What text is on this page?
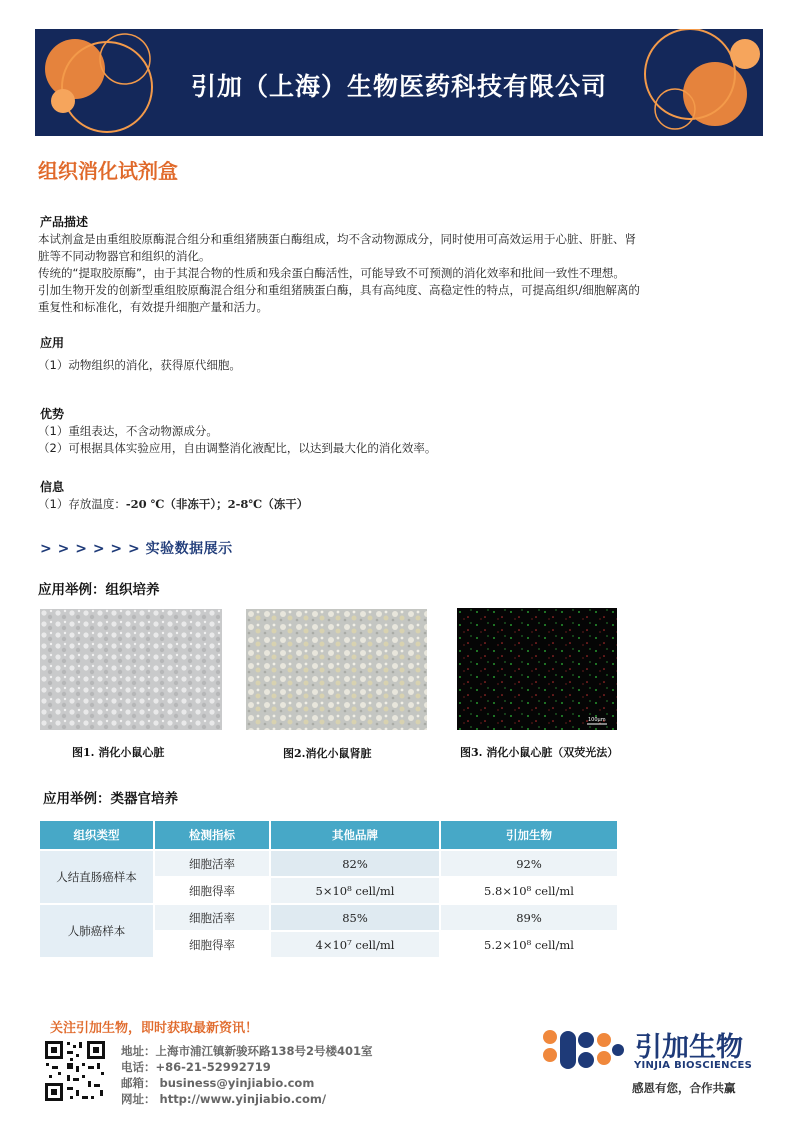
引加（上海）生物医药科技有限公司
组织消化试剂盒
产品描述
本试剂盒是由重组胶原酶混合组分和重组猪胰蛋白酶组成，均不含动物源成分，同时使用可高效运用于心脏、肝脏、肾
脏等不同动物器官和组织的消化。
传统的“提取胶原酶”，由于其混合物的性质和残余蛋白酶活性，可能导致不可预测的消化效率和批间一致性不理想。
引加生物开发的创新型重组胶原酶混合组分和重组猪胰蛋白酶，具有高纯度、高稳定性的特点，可提高组织/细胞解离的
重复性和标准化，有效提升细胞产量和活力。
应用
（1）动物组织的消化，获得原代细胞。
优势
（1）重组表达，不含动物源成分。
（2）可根据具体实验应用，自由调整消化液配比，以达到最大化的消化效率。
信息
（1）存放温度：-20 ℃（非冻干）；2-8℃（冻干）
> > > > > > 实验数据展示
应用举例：组织培养
100µm
图1. 消化小鼠心脏	图2.消化小鼠肾脏	图3. 消化小鼠心脏（双荧光法）
应用举例：类器官培养
组织类型	检测指标	其他品牌	引加生物
人结直肠癌样本	细胞活率	82%	92%
	细胞得率	5×10⁸ cell/ml	5.8×10⁸ cell/ml
人肺癌样本	细胞活率	85%	89%
	细胞得率	4×10⁷ cell/ml	5.2×10⁸ cell/ml
关注引加生物，即时获取最新资讯！
地址：上海市浦江镇新骏环路138号2号楼401室
电话：+86-21-52992719
邮箱： business@yinjiabio.com
网址： http://www.yinjiabio.com/
引加生物
YINJIA BIOSCIENCES
感恩有您，合作共赢
